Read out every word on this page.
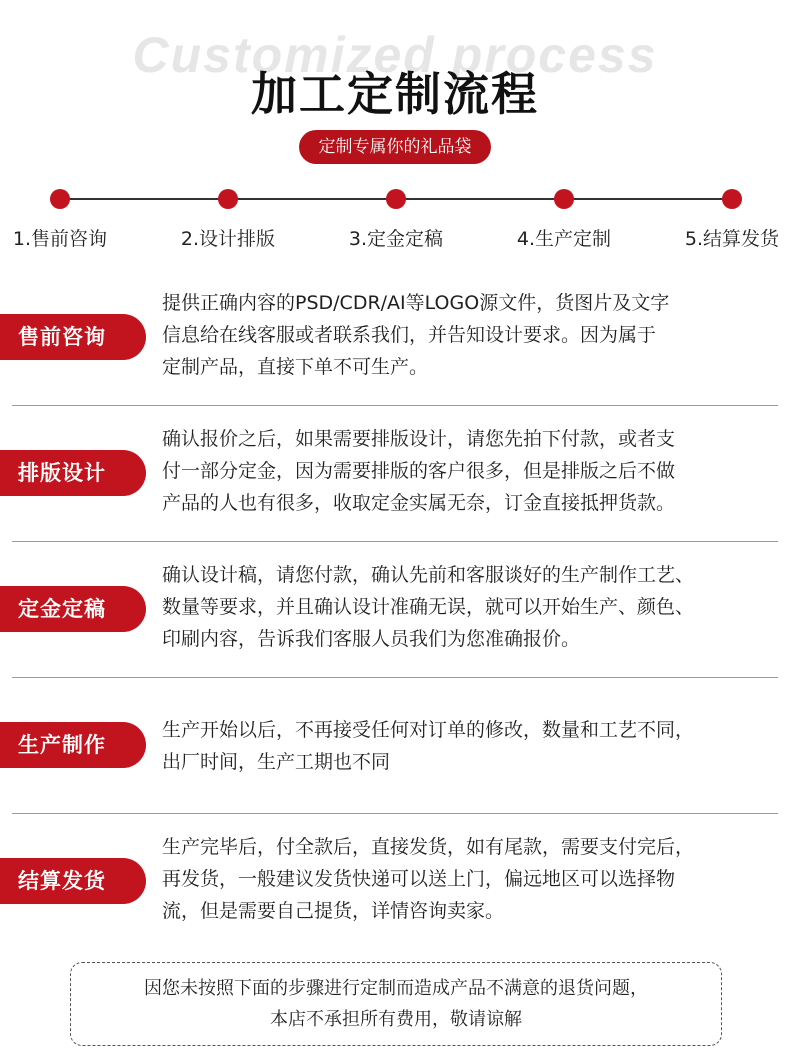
Customized process
加工定制流程
定制专属你的礼品袋
1.售前咨询	2.设计排版	3.定金定稿	4.生产定制	5.结算发货
售前咨询
提供正确内容的PSD/CDR/AI等LOGO源文件，货图片及文字
信息给在线客服或者联系我们，并告知设计要求。因为属于
定制产品，直接下单不可生产。
排版设计
确认报价之后，如果需要排版设计，请您先拍下付款，或者支
付一部分定金，因为需要排版的客户很多，但是排版之后不做
产品的人也有很多，收取定金实属无奈，订金直接抵押货款。
定金定稿
确认设计稿，请您付款，确认先前和客服谈好的生产制作工艺、
数量等要求，并且确认设计准确无误，就可以开始生产、颜色、
印刷内容，告诉我们客服人员我们为您准确报价。
生产制作
生产开始以后，不再接受任何对订单的修改，数量和工艺不同，
出厂时间，生产工期也不同
结算发货
生产完毕后，付全款后，直接发货，如有尾款，需要支付完后，
再发货，一般建议发货快递可以送上门，偏远地区可以选择物
流，但是需要自己提货，详情咨询卖家。
因您未按照下面的步骤进行定制而造成产品不满意的退货问题，
本店不承担所有费用，敬请谅解
